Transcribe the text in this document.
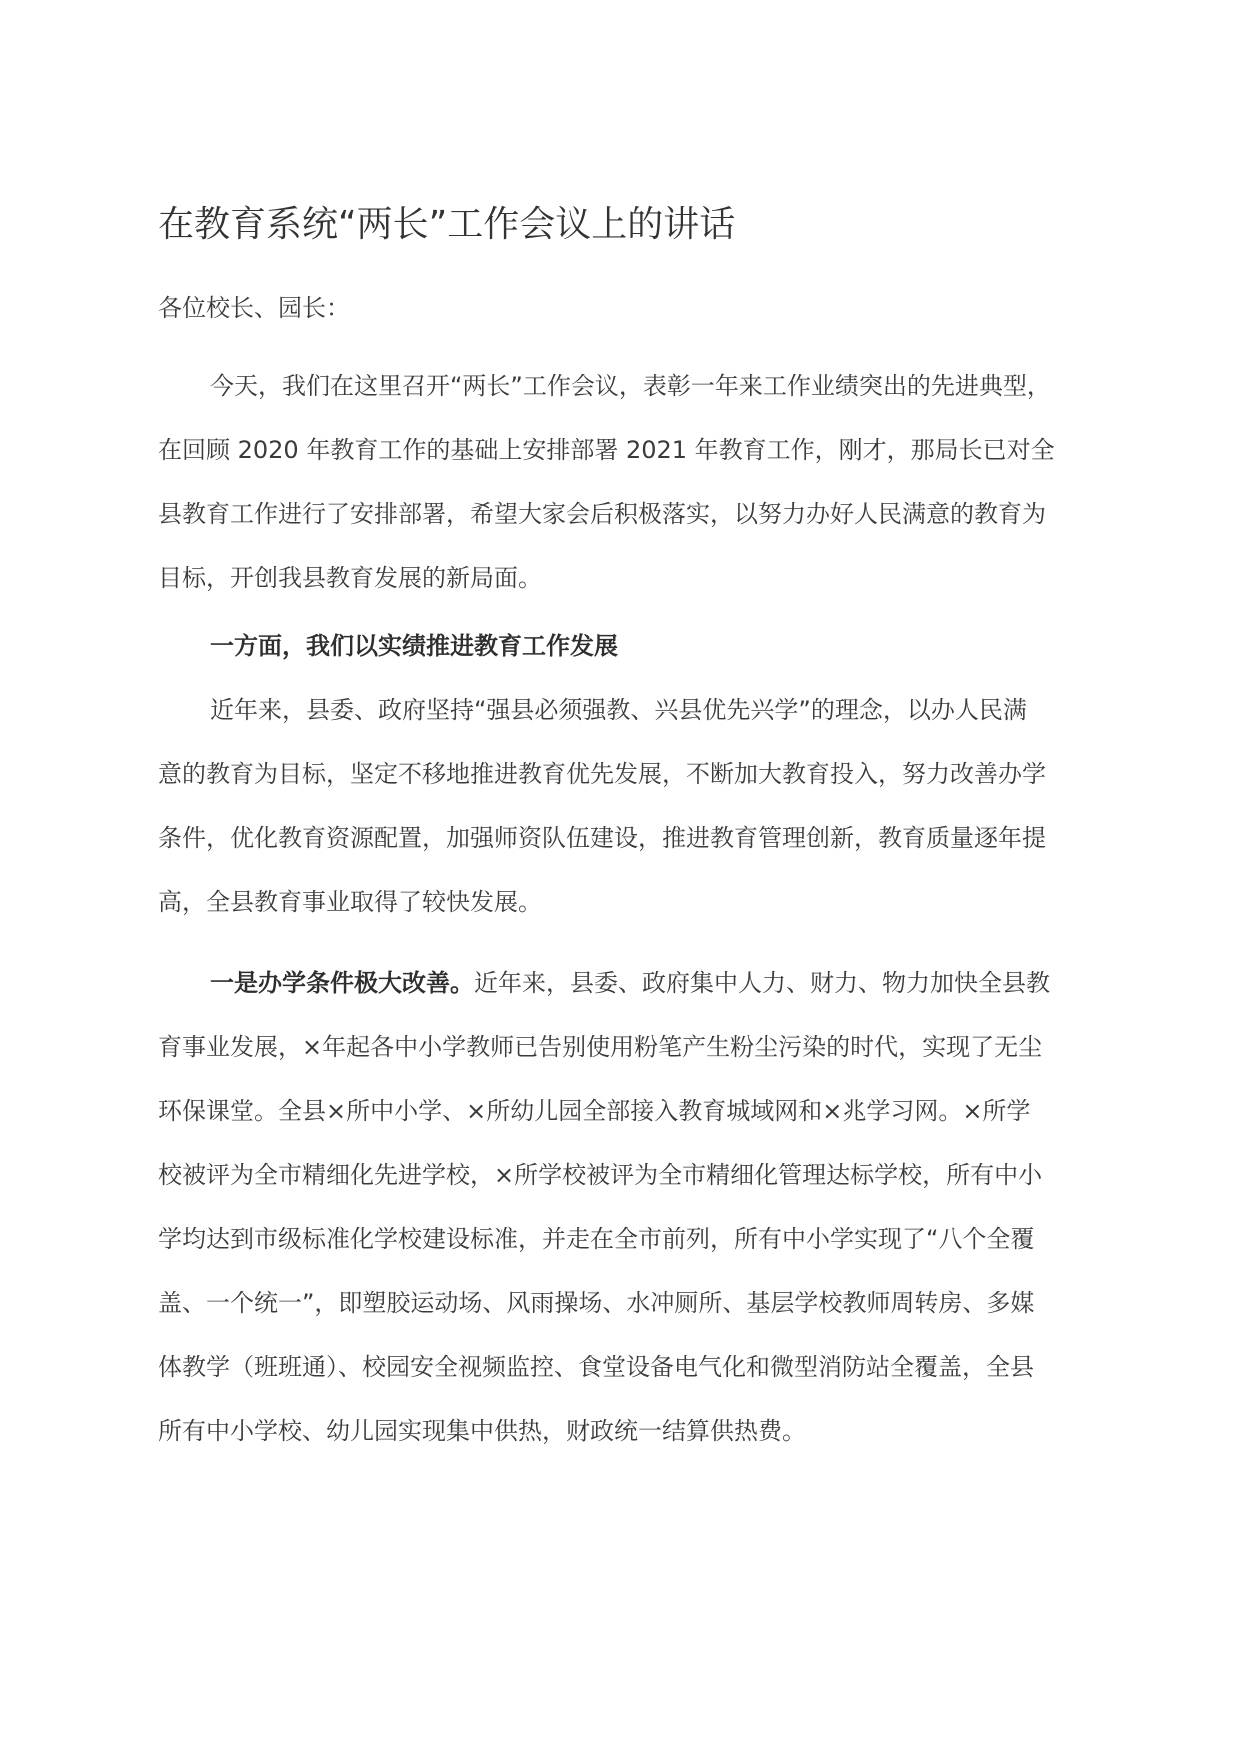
在教育系统“两长”工作会议上的讲话
各位校长、园长：
今天，我们在这里召开“两长”工作会议，表彰一年来工作业绩突出的先进典型，
在回顾 2020 年教育工作的基础上安排部署 2021 年教育工作，刚才，那局长已对全
县教育工作进行了安排部署，希望大家会后积极落实，以努力办好人民满意的教育为
目标，开创我县教育发展的新局面。
一方面，我们以实绩推进教育工作发展
近年来，县委、政府坚持“强县必须强教、兴县优先兴学”的理念，以办人民满
意的教育为目标，坚定不移地推进教育优先发展，不断加大教育投入，努力改善办学
条件，优化教育资源配置，加强师资队伍建设，推进教育管理创新，教育质量逐年提
高，全县教育事业取得了较快发展。
一是办学条件极大改善。近年来，县委、政府集中人力、财力、物力加快全县教
育事业发展，×年起各中小学教师已告别使用粉笔产生粉尘污染的时代，实现了无尘
环保课堂。全县×所中小学、×所幼儿园全部接入教育城域网和×兆学习网。×所学
校被评为全市精细化先进学校，×所学校被评为全市精细化管理达标学校，所有中小
学均达到市级标准化学校建设标准，并走在全市前列，所有中小学实现了“八个全覆
盖、一个统一”，即塑胶运动场、风雨操场、水冲厕所、基层学校教师周转房、多媒
体教学（班班通）、校园安全视频监控、食堂设备电气化和微型消防站全覆盖，全县
所有中小学校、幼儿园实现集中供热，财政统一结算供热费。
